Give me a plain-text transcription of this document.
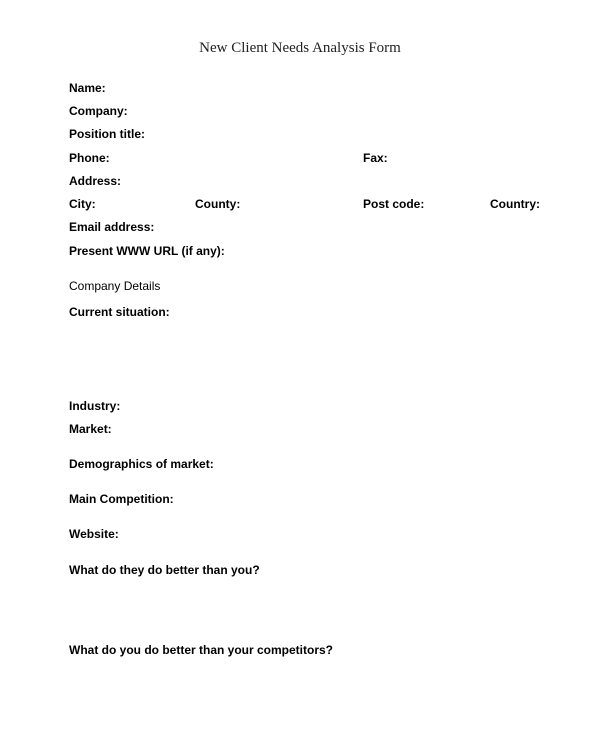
New Client Needs Analysis Form
Name:
Company:
Position title:
Phone:	Fax:
Address:
City:	County:	Post code:	Country:
Email address:
Present WWW URL (if any):
Company Details
Current situation:
Industry:
Market:
Demographics of market:
Main Competition:
Website:
What do they do better than you?
What do you do better than your competitors?
